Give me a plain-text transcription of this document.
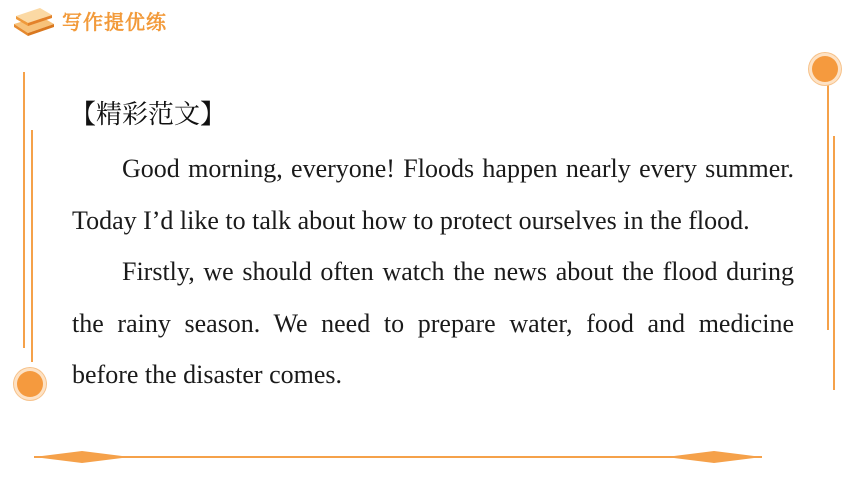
写作提优练
【精彩范文】

Good morning, everyone! Floods happen nearly every summer. Today I’d like to talk about how to protect ourselves in the flood.

Firstly, we should often watch the news about the flood during the rainy season. We need to prepare water, food and medicine before the disaster comes.
